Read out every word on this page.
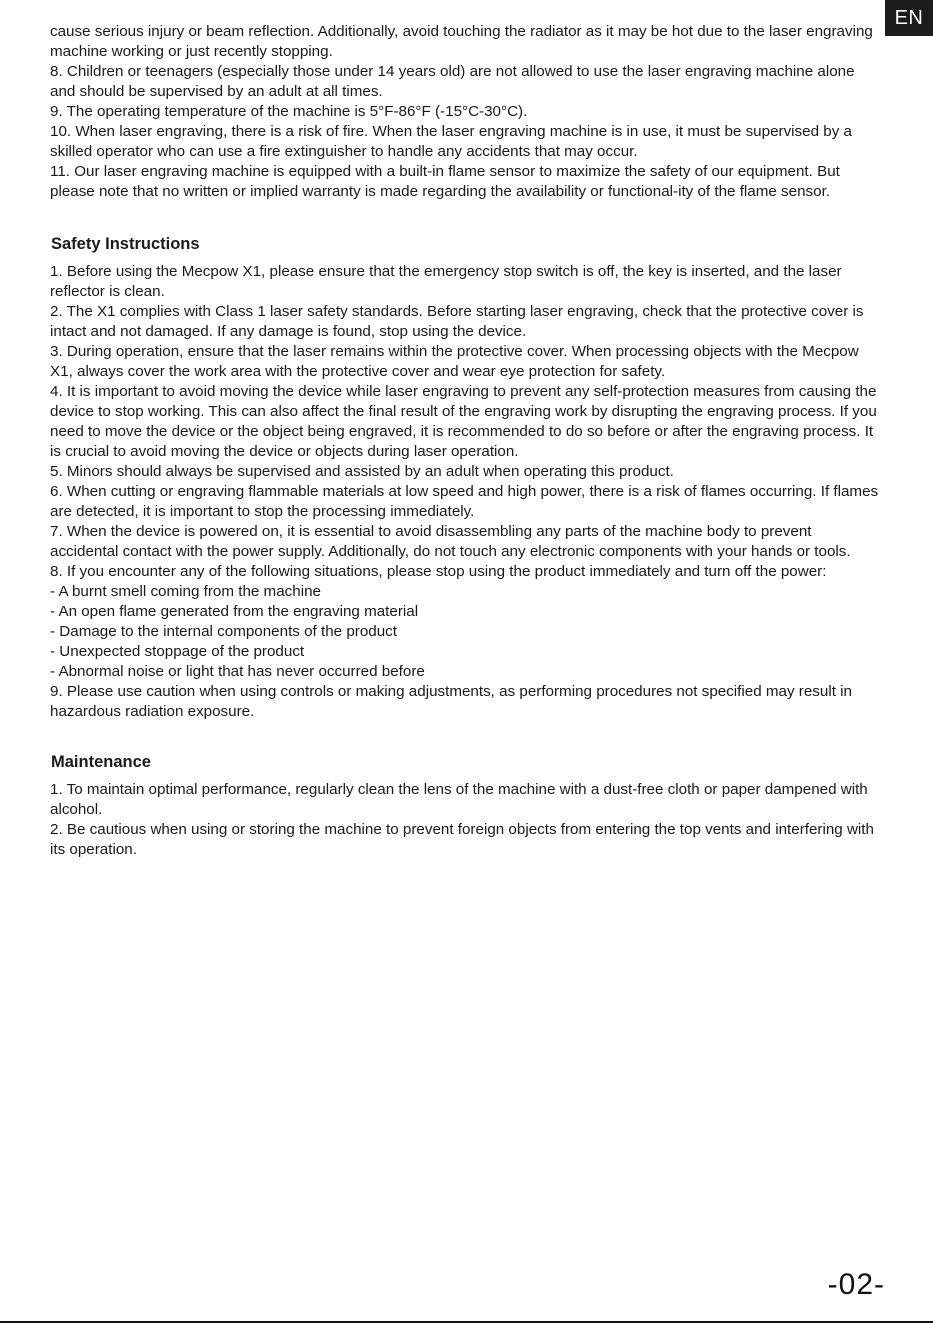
EN

cause serious injury or beam reflection. Additionally, avoid touching the radiator as it may be hot due to the laser engraving machine working or just recently stopping.

8. Children or teenagers (especially those under 14 years old) are not allowed to use the laser engraving machine alone and should be supervised by an adult at all times.

9. The operating temperature of the machine is 5°F-86°F (-15°C-30°C).

10. When laser engraving, there is a risk of fire. When the laser engraving machine is in use, it must be supervised by a skilled operator who can use a fire extinguisher to handle any accidents that may occur.

11. Our laser engraving machine is equipped with a built-in flame sensor to maximize the safety of our equipment. But please note that no written or implied warranty is made regarding the availability or functional-ity of the flame sensor.

Safety Instructions

1. Before using the Mecpow X1, please ensure that the emergency stop switch is off, the key is inserted, and the laser reflector is clean.

2. The X1 complies with Class 1 laser safety standards. Before starting laser engraving, check that the protective cover is intact and not damaged. If any damage is found, stop using the device.

3. During operation, ensure that the laser remains within the protective cover. When processing objects with the Mecpow X1, always cover the work area with the protective cover and wear eye protection for safety.

4. It is important to avoid moving the device while laser engraving to prevent any self-protection measures from causing the device to stop working. This can also affect the final result of the engraving work by disrupting the engraving process. If you need to move the device or the object being engraved, it is recommended to do so before or after the engraving process. It is crucial to avoid moving the device or objects during laser operation.

5. Minors should always be supervised and assisted by an adult when operating this product.

6. When cutting or engraving flammable materials at low speed and high power, there is a risk of flames occurring. If flames are detected, it is important to stop the processing immediately.

7. When the device is powered on, it is essential to avoid disassembling any parts of the machine body to prevent accidental contact with the power supply. Additionally, do not touch any electronic components with your hands or tools.

8. If you encounter any of the following situations, please stop using the product immediately and turn off the power:

- A burnt smell coming from the machine

- An open flame generated from the engraving material

- Damage to the internal components of the product

- Unexpected stoppage of the product

- Abnormal noise or light that has never occurred before

9. Please use caution when using controls or making adjustments, as performing procedures not specified may result in hazardous radiation exposure.

Maintenance

1. To maintain optimal performance, regularly clean the lens of the machine with a dust-free cloth or paper dampened with alcohol.

2. Be cautious when using or storing the machine to prevent foreign objects from entering the top vents and interfering with its operation.

-02-
